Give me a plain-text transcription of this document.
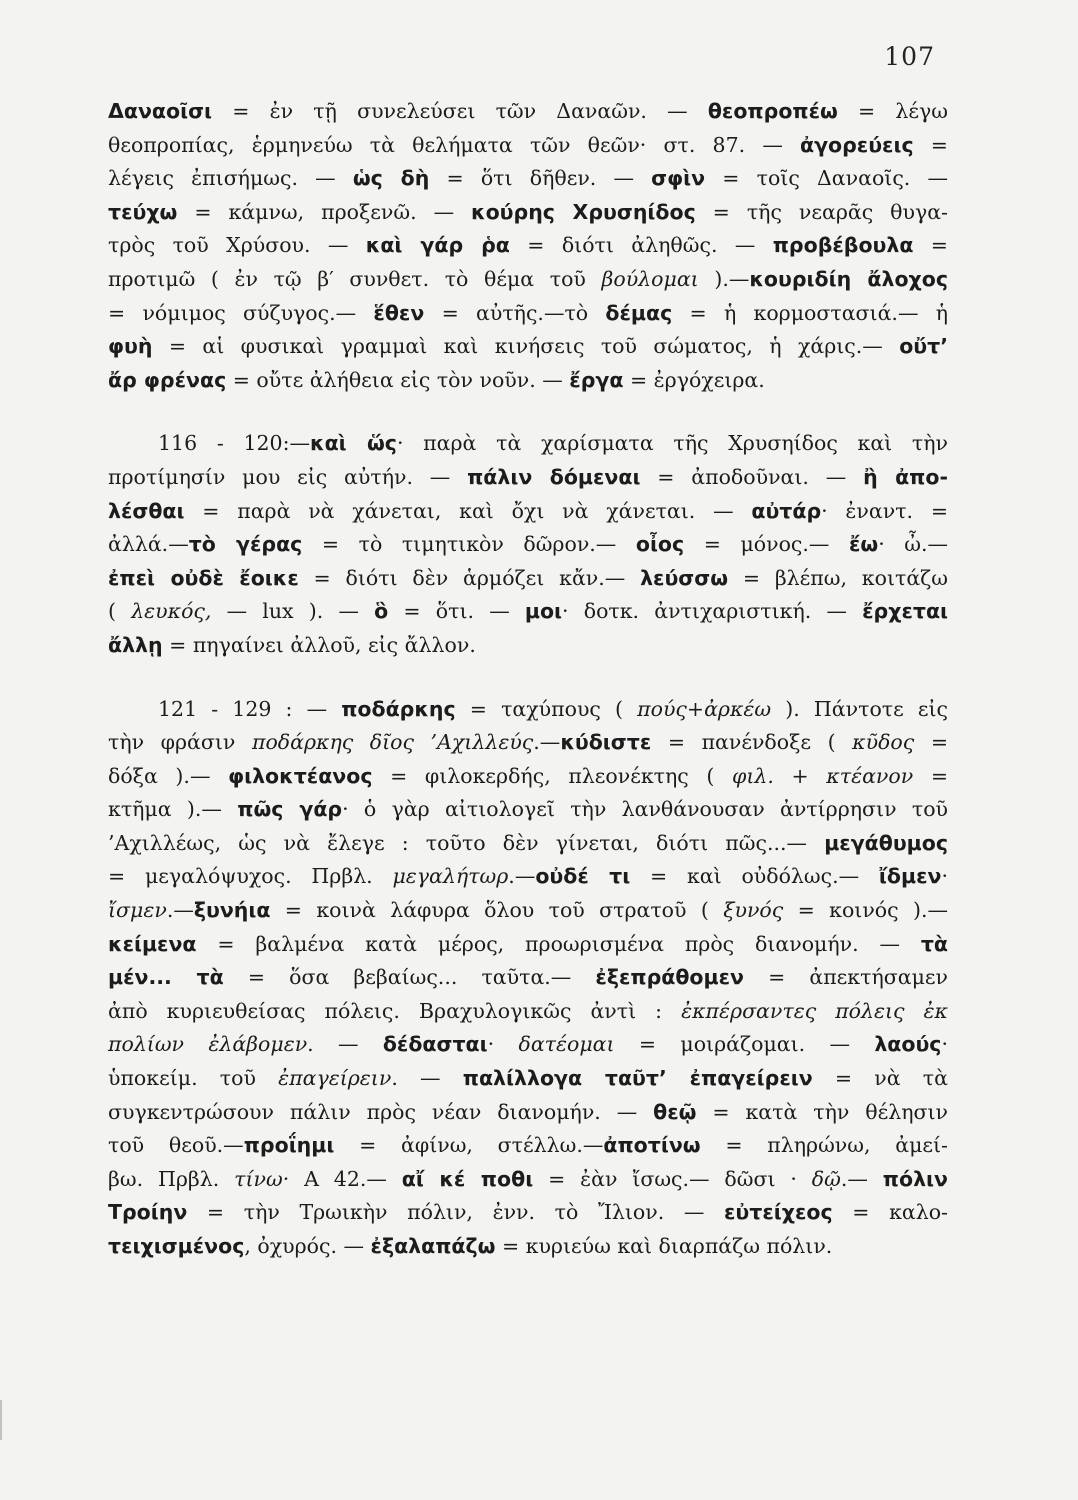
107
Δαναοῖσι = ἐν τῇ συνελεύσει τῶν Δαναῶν. — θεοπροπέω = λέγω
θεοπροπίας, ἑρμηνεύω τὰ θελήματα τῶν θεῶν· στ. 87. — ἀγορεύεις =
λέγεις ἐπισήμως. — ὡς δὴ = ὅτι δῆθεν. — σφὶν = τοῖς Δαναοῖς. —
τεύχω = κάμνω, προξενῶ. — κούρης Χρυσηίδος = τῆς νεαρᾶς θυγα-
τρὸς τοῦ Χρύσου. — καὶ γάρ ῥα = διότι ἀληθῶς. — προβέβουλα =
προτιμῶ ( ἐν τῷ β′ συνθετ. τὸ θέμα τοῦ βούλομαι ).—κουριδίη ἄλοχος
= νόμιμος σύζυγος.— ἕθεν = αὐτῆς.—τὸ δέμας = ἡ κορμοστασιά.— ἡ
φυὴ = αἱ φυσικαὶ γραμμαὶ καὶ κινήσεις τοῦ σώματος, ἡ χάρις.— οὔτ’
ἄρ φρένας = οὔτε ἀλήθεια εἰς τὸν νοῦν. — ἔργα = ἐργόχειρα.
116 - 120:—καὶ ὥς· παρὰ τὰ χαρίσματα τῆς Χρυσηίδος καὶ τὴν
προτίμησίν μου εἰς αὐτήν. — πάλιν δόμεναι = ἀποδοῦναι. — ἢ ἀπο-
λέσθαι = παρὰ νὰ χάνεται, καὶ ὄχι νὰ χάνεται. — αὐτάρ· ἐναντ. =
ἀλλά.—τὸ γέρας = τὸ τιμητικὸν δῶρον.— οἶος = μόνος.— ἔω· ὦ.—
ἐπεὶ οὐδὲ ἔοικε = διότι δὲν ἁρμόζει κἄν.— λεύσσω = βλέπω, κοιτάζω
( λευκός, — lux ). — ὃ = ὅτι. — μοι· δοτκ. ἀντιχαριστική. — ἔρχεται
ἄλλῃ = πηγαίνει ἀλλοῦ, εἰς ἄλλον.
121 - 129 : — ποδάρκης = ταχύπους ( πούς+ἀρκέω ). Πάντοτε εἰς
τὴν φράσιν ποδάρκης δῖος ’Αχιλλεύς.—κύδιστε = πανένδοξε ( κῦδος =
δόξα ).— φιλοκτέανος = φιλοκερδής, πλεονέκτης ( φιλ. + κτέανον =
κτῆμα ).— πῶς γάρ· ὁ γὰρ αἰτιολογεῖ τὴν λανθάνουσαν ἀντίρρησιν τοῦ
’Αχιλλέως, ὡς νὰ ἔλεγε : τοῦτο δὲν γίνεται, διότι πῶς...— μεγάθυμος
= μεγαλόψυχος. Πρβλ. μεγαλήτωρ.—οὐδέ τι = καὶ οὐδόλως.— ἴδμεν·
ἴσμεν.—ξυνήια = κοινὰ λάφυρα ὅλου τοῦ στρατοῦ ( ξυνός = κοινός ).—
κείμενα = βαλμένα κατὰ μέρος, προωρισμένα πρὸς διανομήν. — τὰ
μέν... τὰ = ὅσα βεβαίως... ταῦτα.— ἐξεπράθομεν = ἀπεκτήσαμεν
ἀπὸ κυριευθείσας πόλεις. Βραχυλογικῶς ἀντὶ : ἐκπέρσαντες πόλεις ἐκ
πολίων ἐλάβομεν. — δέδασται· δατέομαι = μοιράζομαι. — λαούς·
ὑποκείμ. τοῦ ἐπαγείρειν. — παλίλλογα ταῦτ’ ἐπαγείρειν = νὰ τὰ
συγκεντρώσουν πάλιν πρὸς νέαν διανομήν. — θεῷ = κατὰ τὴν θέλησιν
τοῦ θεοῦ.—προΐημι = ἀφίνω, στέλλω.—ἀποτίνω = πληρώνω, ἀμεί-
βω. Πρβλ. τίνω· Α 42.— αἴ κέ ποθι = ἐὰν ἴσως.— δῶσι · δῷ.— πόλιν
Τροίην = τὴν Τρωικὴν πόλιν, ἐνν. τὸ Ἴλιον. — εὐτείχεος = καλο-
τειχισμένος, ὀχυρός. — ἐξαλαπάζω = κυριεύω καὶ διαρπάζω πόλιν.
